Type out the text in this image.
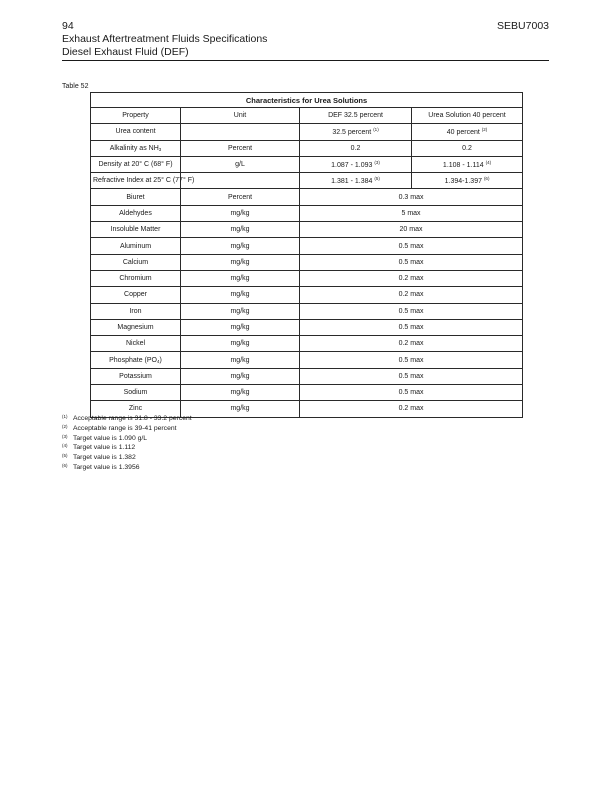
94
Exhaust Aftertreatment Fluids Specifications
Diesel Exhaust Fluid (DEF)
SEBU7003
Table 52
Characteristics for Urea Solutions			
Property	Unit	DEF 32.5 percent	Urea Solution 40 percent
Urea content		32.5 percent $^{(1)}$	40 percent $^{(2)}$
Alkalinity as $NH_3$	Percent	0.2	0.2
Density at 20° C (68° F)	g/L	1.087 - 1.093 $^{(3)}$	1.108 - 1.114 $^{(4)}$
Refractive Index at 25° C (77° F)		1.381 - 1.384 $^{(5)}$	1.394-1.397 $^{(6)}$
Biuret	Percent	0.3 max	
Aldehydes	mg/kg	5 max	
Insoluble Matter	mg/kg	20 max	
Aluminum	mg/kg	0.5 max	
Calcium	mg/kg	0.5 max	
Chromium	mg/kg	0.2 max	
Copper	mg/kg	0.2 max	
Iron	mg/kg	0.5 max	
Magnesium	mg/kg	0.5 max	
Nickel	mg/kg	0.2 max	
Phosphate $(PO_4)$	mg/kg	0.5 max	
Potassium	mg/kg	0.5 max	
Sodium	mg/kg	0.5 max	
Zinc	mg/kg	0.2 max	
(1) Acceptable range is 31.8 - 33.2 percent
(2) Acceptable range is 39-41 percent
(3) Target value is 1.090 g/L
(4) Target value is 1.112
(5) Target value is 1.382
(6) Target value is 1.3956
